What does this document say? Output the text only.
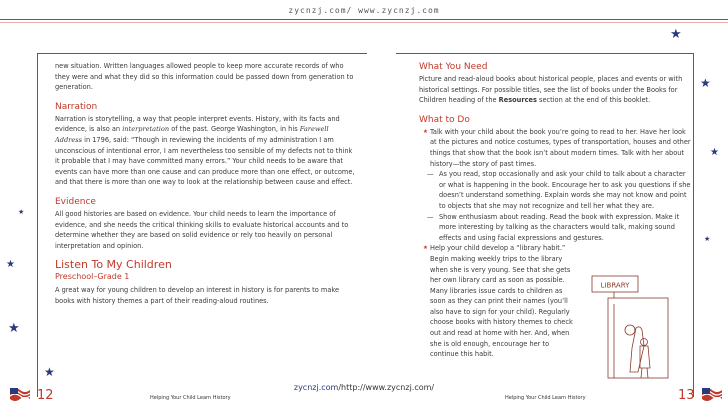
zycnzj.com/ www.zycnzj.com
★
★
★
★
★
★
★
★

new situation. Written languages allowed people to keep more accurate records of who they were and what they did so this information could be passed down from generation to generation.

Narration

Narration is storytelling, a way that people interpret events. History, with its facts and evidence, is also an interpretation of the past. George Washington, in his Farewell Address in 1796, said: “Though in reviewing the incidents of my administration I am unconscious of intentional error, I am nevertheless too sensible of my defects not to think it probable that I may have committed many errors.” Your child needs to be aware that events can have more than one cause and can produce more than one effect, or outcome, and that there is more than one way to look at the relationship between cause and effect.

Evidence

All good histories are based on evidence. Your child needs to learn the importance of evidence, and she needs the critical thinking skills to evaluate historical accounts and to determine whether they are based on solid evidence or rely too heavily on personal interpretation and opinion.

Listen To My Children
Preschool–Grade 1

A great way for young children to develop an interest in history is for parents to make books with history themes a part of their reading-aloud routines.

What You Need

Picture and read-aloud books about historical people, places and events or with historical settings. For possible titles, see the list of books under the Books for Children heading of the Resources section at the end of this booklet.

What to Do

★ Talk with your child about the book you’re going to read to her. Have her look at the pictures and notice costumes, types of transportation, houses and other things that show that the book isn’t about modern times. Talk with her about history—the story of past times.

— As you read, stop occasionally and ask your child to talk about a character or what is happening in the book. Encourage her to ask you questions if she doesn’t understand something. Explain words she may not know and point to objects that she may not recognize and tell her what they are.

— Show enthusiasm about reading. Read the book with expression. Make it more interesting by talking as the characters would talk, making sound effects and using facial expressions and gestures.

★ Help your child develop a “library habit.” Begin making weekly trips to the library when she is very young. See that she gets her own library card as soon as possible. Many libraries issue cards to children as soon as they can print their names (you’ll also have to sign for your child). Regularly choose books with history themes to check out and read at home with her. And, when she is old enough, encourage her to continue this habit.

LIBRARY
zycnzj.com/http://www.zycnzj.com/
12	Helping Your Child Learn History	Helping Your Child Learn History	13
